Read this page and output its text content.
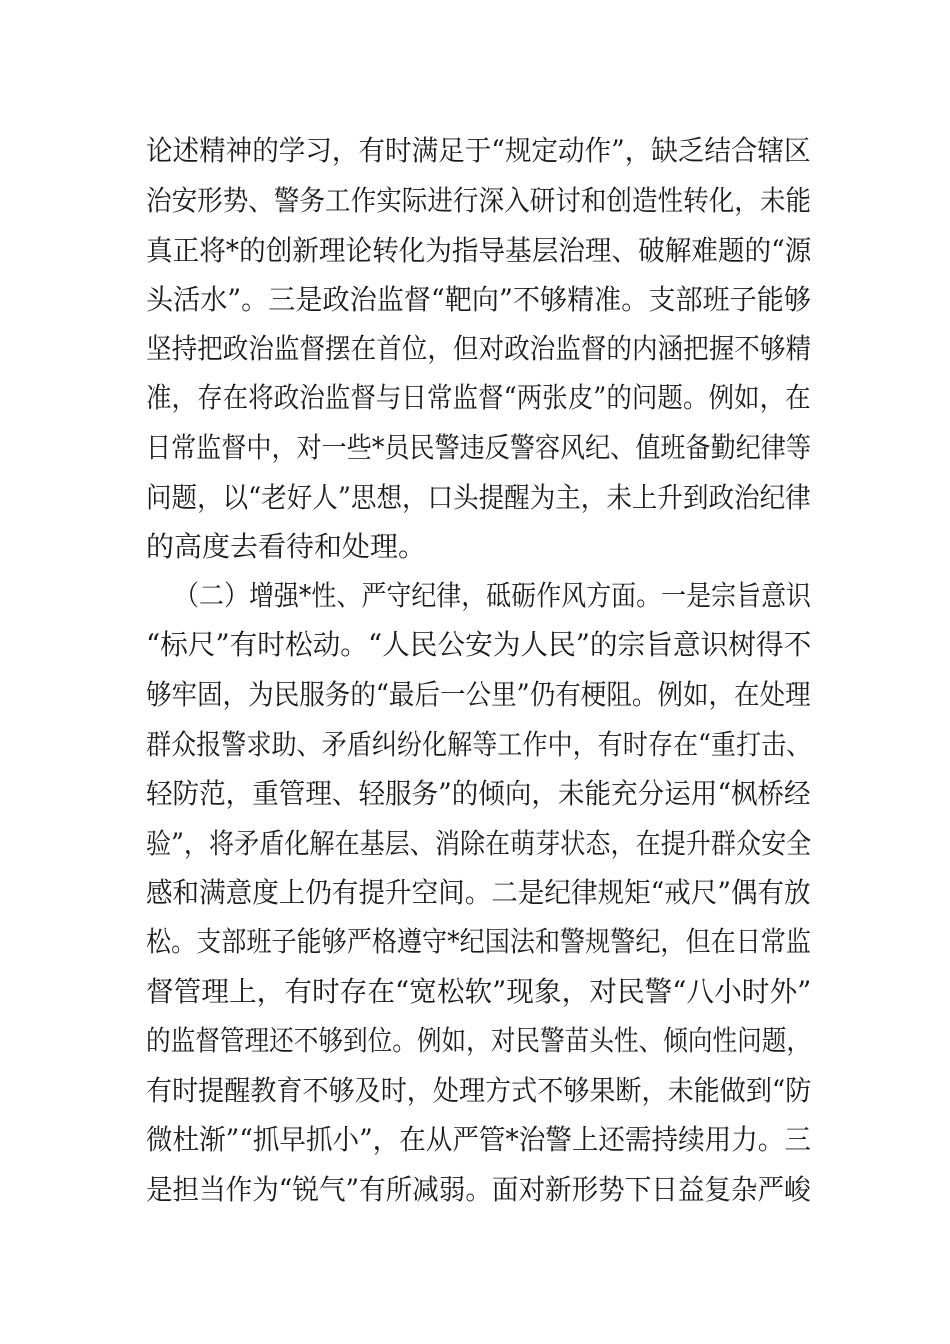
论述精神的学习，有时满足于“规定动作”，缺乏结合辖区
治安形势、警务工作实际进行深入研讨和创造性转化，未能
真正将*的创新理论转化为指导基层治理、破解难题的“源
头活水”。三是政治监督“靶向”不够精准。支部班子能够
坚持把政治监督摆在首位，但对政治监督的内涵把握不够精
准，存在将政治监督与日常监督“两张皮”的问题。例如，在
日常监督中，对一些*员民警违反警容风纪、值班备勤纪律等
问题，以“老好人”思想，口头提醒为主，未上升到政治纪律
的高度去看待和处理。
（二）增强*性、严守纪律，砥砺作风方面。一是宗旨意识
“标尺”有时松动。“人民公安为人民”的宗旨意识树得不
够牢固，为民服务的“最后一公里”仍有梗阻。例如，在处理
群众报警求助、矛盾纠纷化解等工作中，有时存在“重打击、
轻防范，重管理、轻服务”的倾向，未能充分运用“枫桥经
验”，将矛盾化解在基层、消除在萌芽状态，在提升群众安全
感和满意度上仍有提升空间。二是纪律规矩“戒尺”偶有放
松。支部班子能够严格遵守*纪国法和警规警纪，但在日常监
督管理上，有时存在“宽松软”现象，对民警“八小时外”
的监督管理还不够到位。例如，对民警苗头性、倾向性问题，
有时提醒教育不够及时，处理方式不够果断，未能做到“防
微杜渐”“抓早抓小”，在从严管*治警上还需持续用力。三
是担当作为“锐气”有所减弱。面对新形势下日益复杂严峻
